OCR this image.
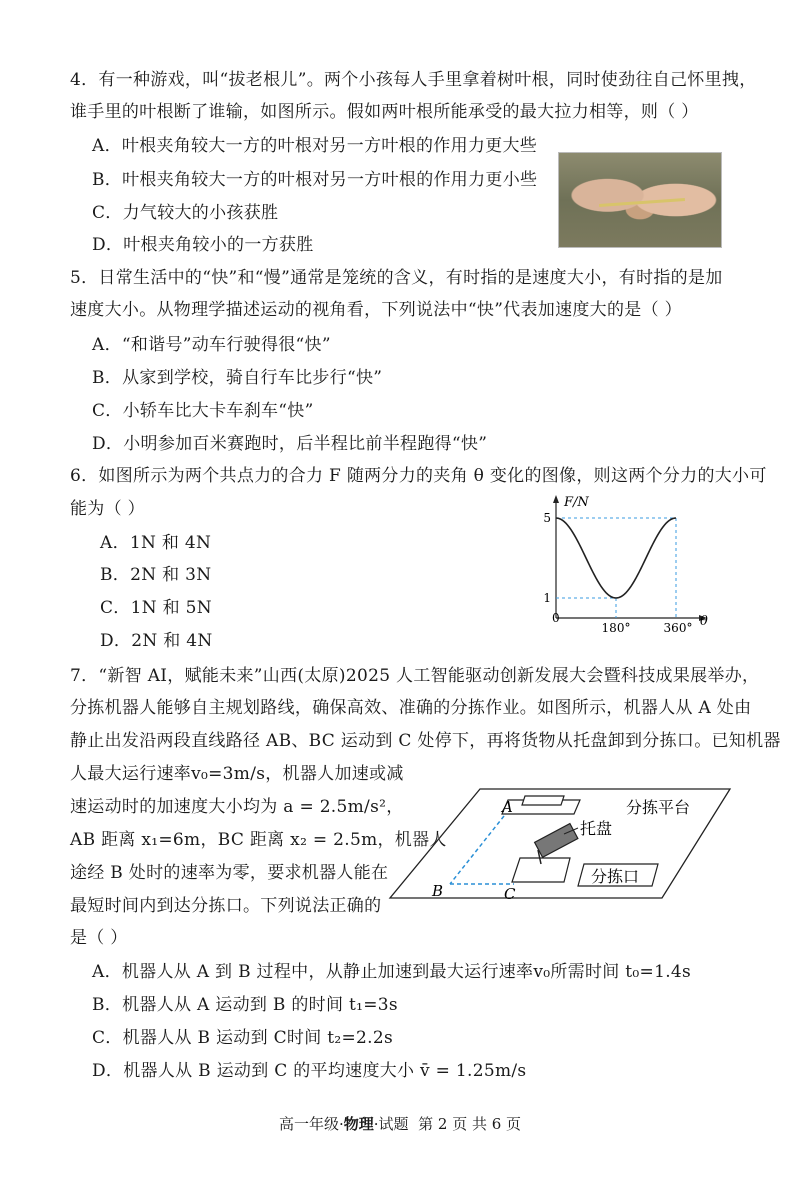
4．有一种游戏，叫“拔老根儿”。两个小孩每人手里拿着树叶根，同时使劲往自己怀里拽，
谁手里的叶根断了谁输，如图所示。假如两叶根所能承受的最大拉力相等，则（ ）
A．叶根夹角较大一方的叶根对另一方叶根的作用力更大些
B．叶根夹角较大一方的叶根对另一方叶根的作用力更小些
C．力气较大的小孩获胜
D．叶根夹角较小的一方获胜
5．日常生活中的“快”和“慢”通常是笼统的含义，有时指的是速度大小，有时指的是加
速度大小。从物理学描述运动的视角看，下列说法中“快”代表加速度大的是（ ）
A．“和谐号”动车行驶得很“快”
B．从家到学校，骑自行车比步行“快”
C．小轿车比大卡车刹车“快”
D．小明参加百米赛跑时，后半程比前半程跑得“快”
6．如图所示为两个共点力的合力 F 随两分力的夹角 θ 变化的图像，则这两个分力的大小可
能为（ ）
A．1N 和 4N
B．2N 和 3N
C．1N 和 5N
D．2N 和 4N
F/N
θ
0
180°	360°
5
1
7．“新智 AI，赋能未来”山西(太原)2025 人工智能驱动创新发展大会暨科技成果展举办，
分拣机器人能够自主规划路线，确保高效、准确的分拣作业。如图所示，机器人从 A 处由
静止出发沿两段直线路径 AB、BC 运动到 C 处停下，再将货物从托盘卸到分拣口。已知机器
人最大运行速率v₀=3m/s，机器人加速或减
速运动时的加速度大小均为 a = 2.5m/s²，
AB 距离 x₁=6m，BC 距离 x₂ = 2.5m，机器人
途经 B 处时的速率为零，要求机器人能在
最短时间内到达分拣口。下列说法正确的
是（ ）
分拣平台
A
B	C
托盘
分拣口
A．机器人从 A 到 B 过程中，从静止加速到最大运行速率v₀所需时间 t₀=1.4s
B．机器人从 A 运动到 B 的时间 t₁=3s
C．机器人从 B 运动到 C时间 t₂=2.2s
D．机器人从 B 运动到 C 的平均速度大小 v̄ = 1.25m/s
高一年级·物理·试题 第 2 页 共 6 页
